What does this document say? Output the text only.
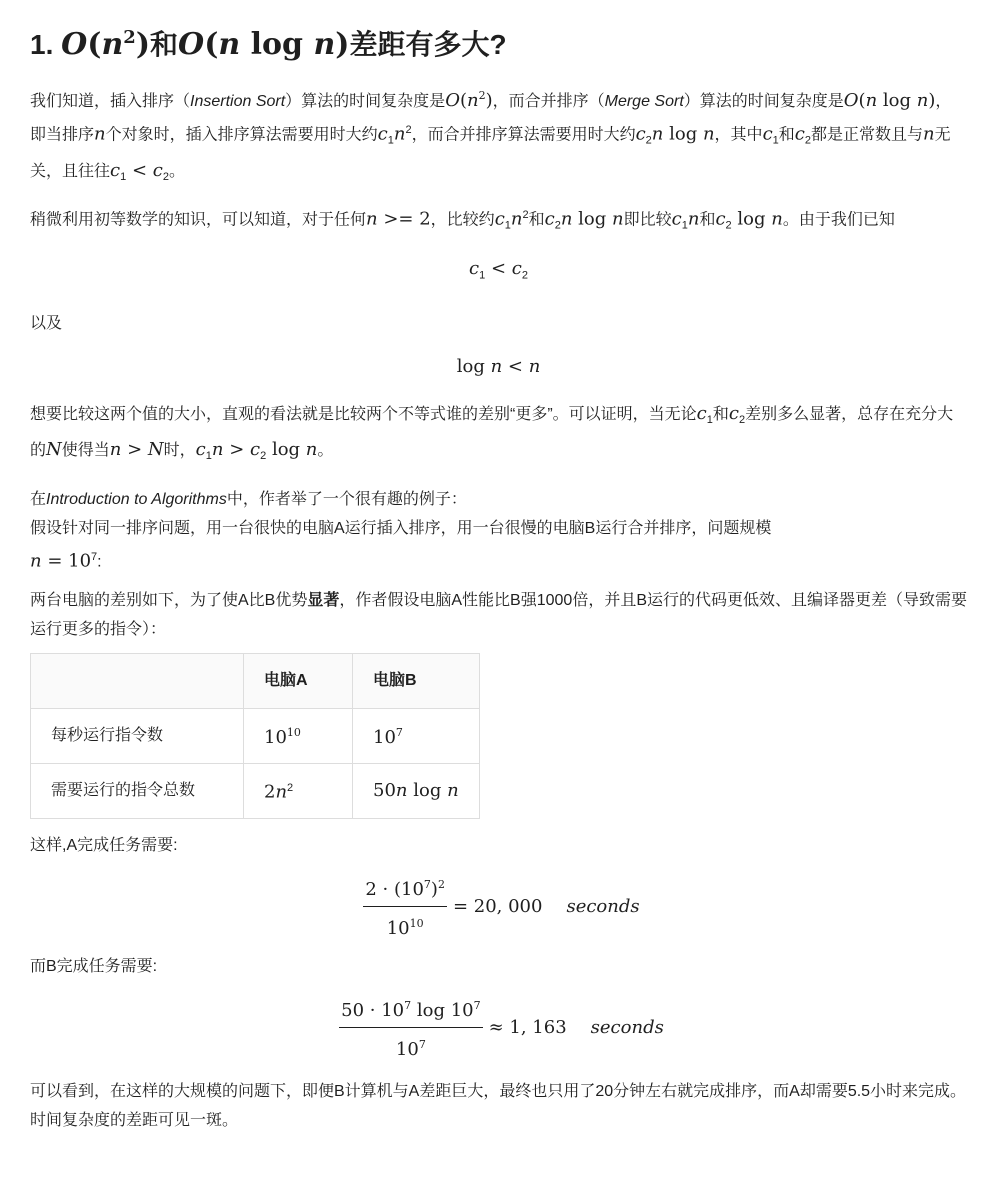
1. $O(n^2)$和O(n log n)差距有多大?

我们知道，插入排序（Insertion Sort）算法的时间复杂度是$O(n^2)$，而合并排序（Merge Sort）算法的时间复杂度是O(n log n)，即当排序n个对象时，插入排序算法需要用时大约$c_1n^2$，而合并排序算法需要用时大约$c_2n$ log n，其中$c_1$和$c_2$都是正常数且与n无关，且往往$c_1 < c_2$。

稍微利用初等数学的知识，可以知道，对于任何n >= 2，比较约$c_1n^2$和$c_2n$ log n即比较$c_1n$和$c_2$ log n。由于我们已知

$c_1 < c_2$

以及

log n < n

想要比较这两个值的大小，直观的看法就是比较两个不等式谁的差别“更多”。可以证明，当无论$c_1$和$c_2$差别多么显著，总存在充分大的N使得当n > N时，$c_1n > c_2$ log n。

在Introduction to Algorithms中，作者举了一个很有趣的例子：
假设针对同一排序问题，用一台很快的电脑A运行插入排序，用一台很慢的电脑B运行合并排序，问题规模
$n = 10^7$:

两台电脑的差别如下，为了使A比B优势显著，作者假设电脑A性能比B强1000倍，并且B运行的代码更低效、且编译器更差（导致需要运行更多的指令）：

	电脑A	电脑B
每秒运行指令数	$10^{10}$	$10^7$
需要运行的指令总数	$2n^2$	50n log n

这样,A完成任务需要:

$\frac{2 \cdot (10^7)^2}{10^{10}} = 20$, 000 seconds

而B完成任务需要:

$\frac{50 \cdot 10^7 \log 10^7}{10^7} \approx 1$, 163 seconds

可以看到，在这样的大规模的问题下，即便B计算机与A差距巨大，最终也只用了20分钟左右就完成排序，而A却需要5.5小时来完成。时间复杂度的差距可见一斑。
